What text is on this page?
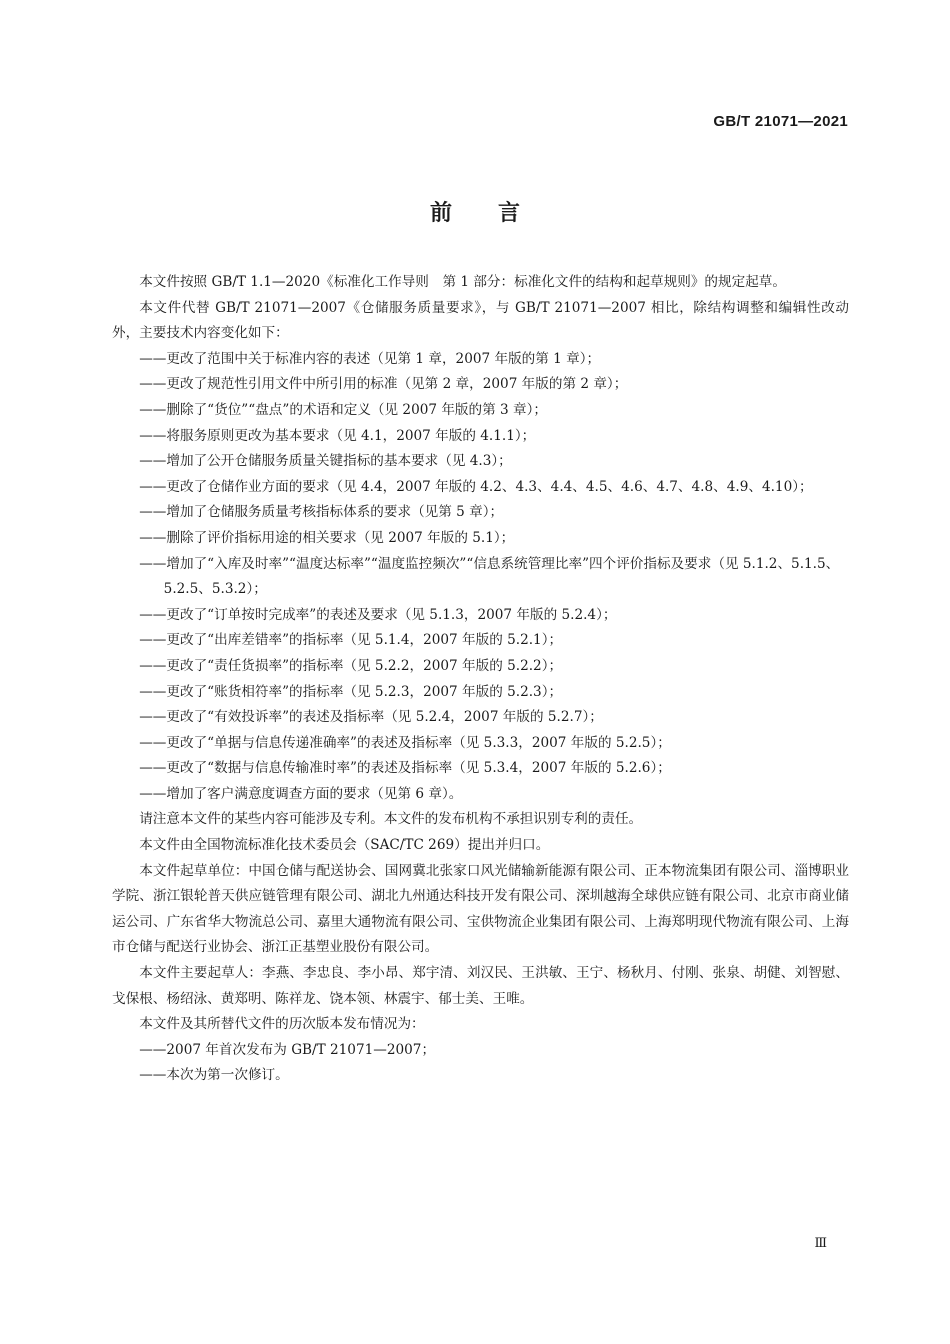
GB/T 21071—2021
前言

本文件按照 GB/T 1.1—2020《标准化工作导则　第 1 部分：标准化文件的结构和起草规则》的规定起草。

本文件代替 GB/T 21071—2007《仓储服务质量要求》，与 GB/T 21071—2007 相比，除结构调整和编辑性改动外，主要技术内容变化如下：

——更改了范围中关于标准内容的表述（见第 1 章，2007 年版的第 1 章）；

——更改了规范性引用文件中所引用的标准（见第 2 章，2007 年版的第 2 章）；

——删除了“货位”“盘点”的术语和定义（见 2007 年版的第 3 章）；

——将服务原则更改为基本要求（见 4.1，2007 年版的 4.1.1）；

——增加了公开仓储服务质量关键指标的基本要求（见 4.3）；

——更改了仓储作业方面的要求（见 4.4，2007 年版的 4.2、4.3、4.4、4.5、4.6、4.7、4.8、4.9、4.10）；

——增加了仓储服务质量考核指标体系的要求（见第 5 章）；

——删除了评价指标用途的相关要求（见 2007 年版的 5.1）；

——增加了“入库及时率”“温度达标率”“温度监控频次”“信息系统管理比率”四个评价指标及要求（见 5.1.2、5.1.5、5.2.5、5.3.2）；

——更改了“订单按时完成率”的表述及要求（见 5.1.3，2007 年版的 5.2.4）；

——更改了“出库差错率”的指标率（见 5.1.4，2007 年版的 5.2.1）；

——更改了“责任货损率”的指标率（见 5.2.2，2007 年版的 5.2.2）；

——更改了“账货相符率”的指标率（见 5.2.3，2007 年版的 5.2.3）；

——更改了“有效投诉率”的表述及指标率（见 5.2.4，2007 年版的 5.2.7）；

——更改了“单据与信息传递准确率”的表述及指标率（见 5.3.3，2007 年版的 5.2.5）；

——更改了“数据与信息传输准时率”的表述及指标率（见 5.3.4，2007 年版的 5.2.6）；

——增加了客户满意度调查方面的要求（见第 6 章）。

请注意本文件的某些内容可能涉及专利。本文件的发布机构不承担识别专利的责任。

本文件由全国物流标准化技术委员会（SAC/TC 269）提出并归口。

本文件起草单位：中国仓储与配送协会、国网冀北张家口风光储输新能源有限公司、正本物流集团有限公司、淄博职业学院、浙江银轮普天供应链管理有限公司、湖北九州通达科技开发有限公司、深圳越海全球供应链有限公司、北京市商业储运公司、广东省华大物流总公司、嘉里大通物流有限公司、宝供物流企业集团有限公司、上海郑明现代物流有限公司、上海市仓储与配送行业协会、浙江正基塑业股份有限公司。

本文件主要起草人：李燕、李忠良、李小昂、郑宇清、刘汉民、王洪敏、王宁、杨秋月、付刚、张泉、胡健、刘智慰、戈保根、杨绍泳、黄郑明、陈祥龙、饶本领、林震宇、郁士美、王唯。

本文件及其所替代文件的历次版本发布情况为：

——2007 年首次发布为 GB/T 21071—2007；

——本次为第一次修订。

Ⅲ
